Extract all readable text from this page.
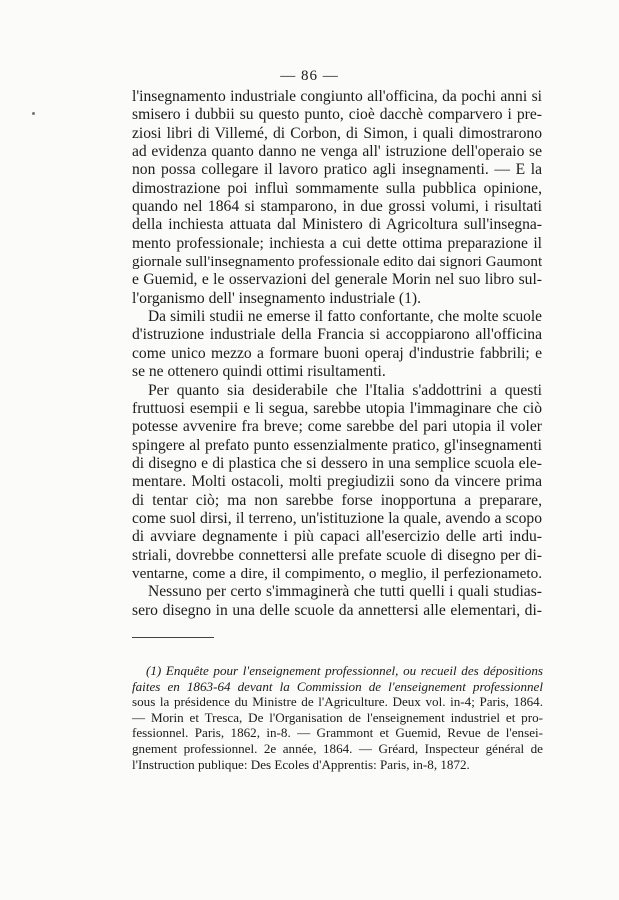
— 86 —
l'insegnamento industriale congiunto all'officina, da pochi anni si
smisero i dubbii su questo punto, cioè dacchè comparvero i pre-
ziosi libri di Villemé, di Corbon, di Simon, i quali dimostrarono
ad evidenza quanto danno ne venga all' istruzione dell'operaio se
non possa collegare il lavoro pratico agli insegnamenti. — E la
dimostrazione poi influì sommamente sulla pubblica opinione,
quando nel 1864 si stamparono, in due grossi volumi, i risultati
della inchiesta attuata dal Ministero di Agricoltura sull'insegna-
mento professionale; inchiesta a cui dette ottima preparazione il
giornale sull'insegnamento professionale edito dai signori Gaumont
e Guemid, e le osservazioni del generale Morin nel suo libro sul-
l'organismo dell' insegnamento industriale (1).
Da simili studii ne emerse il fatto confortante, che molte scuole
d'istruzione industriale della Francia si accoppiarono all'officina
come unico mezzo a formare buoni operaj d'industrie fabbrili; e
se ne ottenero quindi ottimi risultamenti.
Per quanto sia desiderabile che l'Italia s'addottrini a questi
fruttuosi esempii e li segua, sarebbe utopia l'immaginare che ciò
potesse avvenire fra breve; come sarebbe del pari utopia il voler
spingere al prefato punto essenzialmente pratico, gl'insegnamenti
di disegno e di plastica che si dessero in una semplice scuola ele-
mentare. Molti ostacoli, molti pregiudizii sono da vincere prima
di tentar ciò; ma non sarebbe forse inopportuna a preparare,
come suol dirsi, il terreno, un'istituzione la quale, avendo a scopo
di avviare degnamente i più capaci all'esercizio delle arti indu-
striali, dovrebbe connettersi alle prefate scuole di disegno per di-
ventarne, come a dire, il compimento, o meglio, il perfezionameto.
Nessuno per certo s'immaginerà che tutti quelli i quali studias-
sero disegno in una delle scuole da annettersi alle elementari, di-
(1) Enquête pour l'enseignement professionnel, ou recueil des dépositions
faites en 1863-64 devant la Commission de l'enseignement professionnel
sous la présidence du Ministre de l'Agriculture. Deux vol. in-4; Paris, 1864.
— Morin et Tresca, De l'Organisation de l'enseignement industriel et pro-
fessionnel. Paris, 1862, in-8. — Grammont et Guemid, Revue de l'ensei-
gnement professionnel. 2e année, 1864. — Gréard, Inspecteur général de
l'Instruction publique: Des Ecoles d'Apprentis: Paris, in-8, 1872.
